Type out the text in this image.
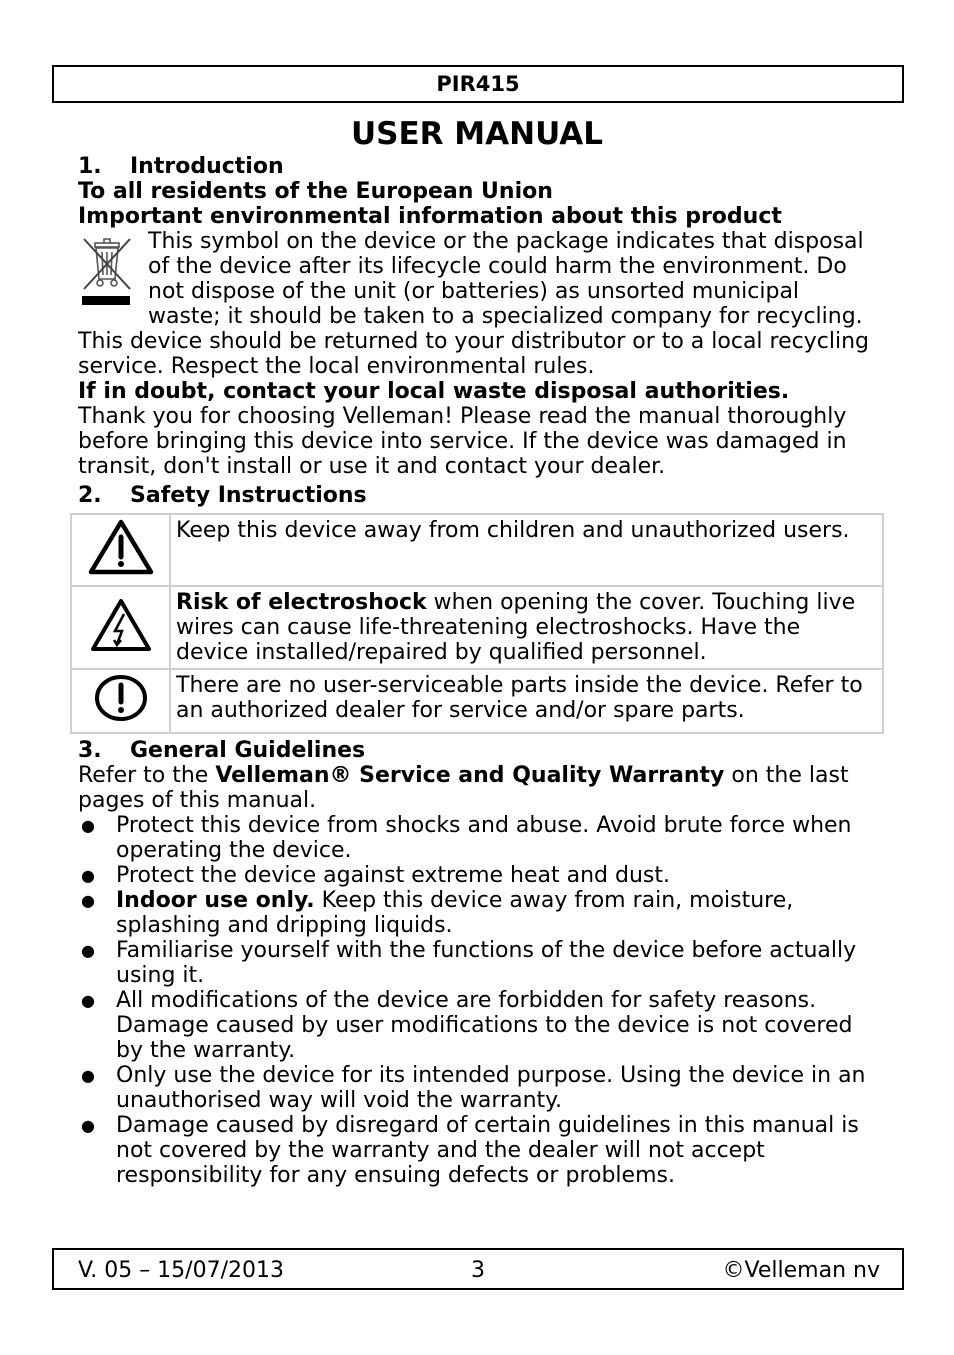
PIR415
USER MANUAL
1. Introduction

To all residents of the European Union

Important environmental information about this product

This symbol on the device or the package indicates that disposal of the device after its lifecycle could harm the environment. Do not dispose of the unit (or batteries) as unsorted municipal waste; it should be taken to a specialized company for recycling. This device should be returned to your distributor or to a local recycling service. Respect the local environmental rules.

If in doubt, contact your local waste disposal authorities.

Thank you for choosing Velleman! Please read the manual thoroughly before bringing this device into service. If the device was damaged in transit, don't install or use it and contact your dealer.

2. Safety Instructions
	Keep this device away from children and unauthorized users.
	Risk of electroshock when opening the cover. Touching live wires can cause life-threatening electroshocks. Have the device installed/repaired by qualified personnel.
	There are no user-serviceable parts inside the device. Refer to an authorized dealer for service and/or spare parts.
3. General Guidelines

Refer to the Velleman® Service and Quality Warranty on the last pages of this manual.

● Protect this device from shocks and abuse. Avoid brute force when operating the device.
● Protect the device against extreme heat and dust.
● Indoor use only. Keep this device away from rain, moisture, splashing and dripping liquids.
● Familiarise yourself with the functions of the device before actually using it.
● All modifications of the device are forbidden for safety reasons. Damage caused by user modifications to the device is not covered by the warranty.
● Only use the device for its intended purpose. Using the device in an unauthorised way will void the warranty.
● Damage caused by disregard of certain guidelines in this manual is not covered by the warranty and the dealer will not accept responsibility for any ensuing defects or problems.
V. 05 – 15/07/2013	3	©Velleman nv
